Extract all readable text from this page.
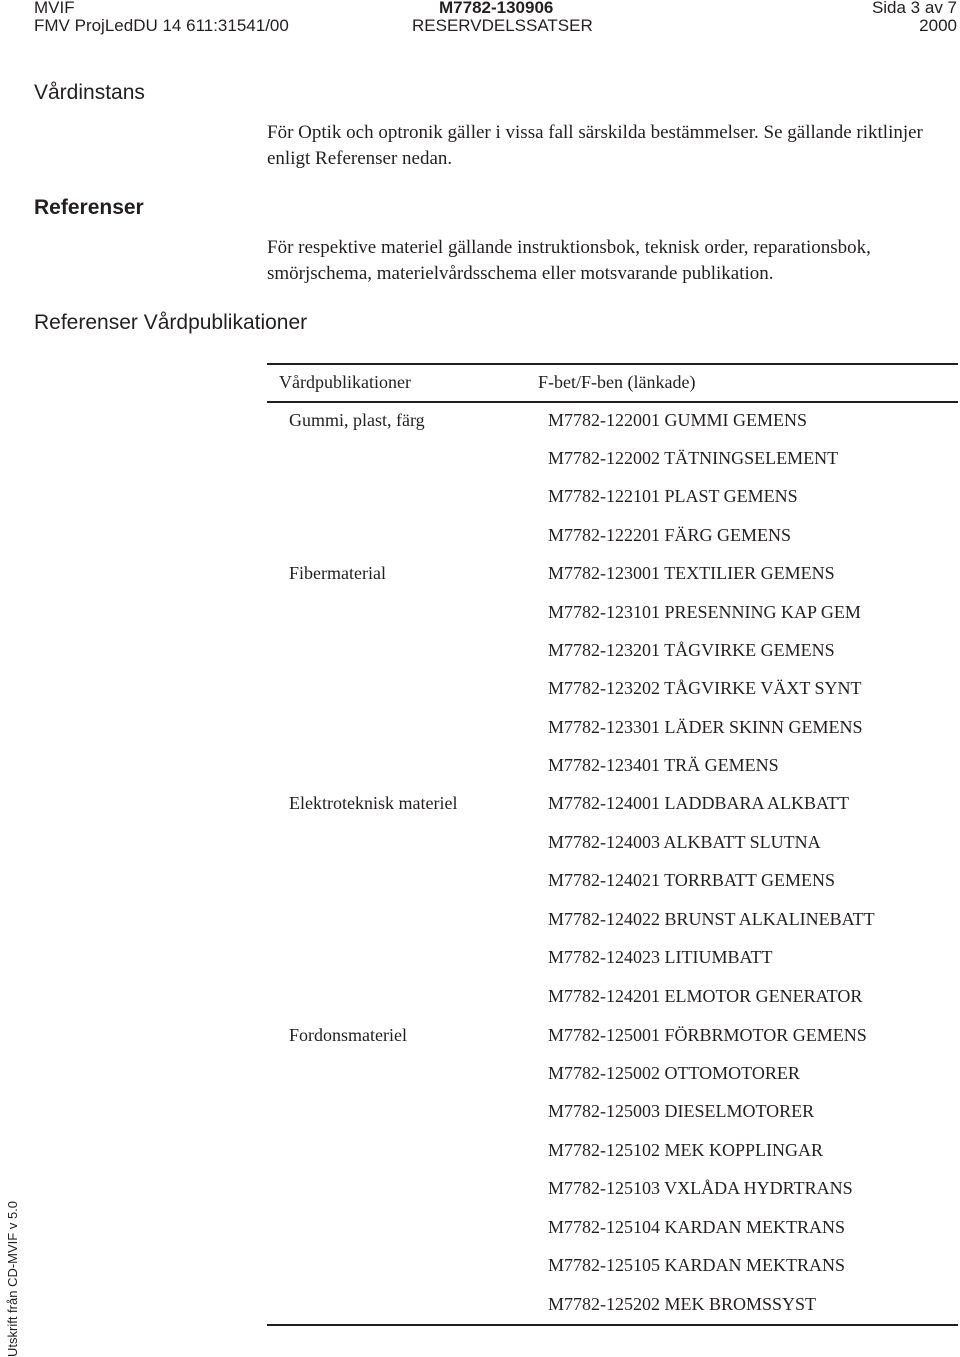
MVIF
FMV ProjLedDU 14 611:31541/00
M7782-130906
RESERVDELSSATSER
Sida 3 av 7
2000
Vårdinstans
För Optik och optronik gäller i vissa fall särskilda bestämmelser. Se gällande riktlinjer enligt Referenser nedan.
Referenser
För respektive materiel gällande instruktionsbok, teknisk order, reparationsbok, smörjschema, materielvårdsschema eller motsvarande publikation.
Referenser Vårdpublikationer
Vårdpublikationer	F-bet/F-ben (länkade)
Gummi, plast, färg
Fibermaterial
Elektroteknisk materiel
Fordonsmateriel
M7782-122001 GUMMI GEMENS
M7782-122002 TÄTNINGSELEMENT
M7782-122101 PLAST GEMENS
M7782-122201 FÄRG GEMENS
M7782-123001 TEXTILIER GEMENS
M7782-123101 PRESENNING KAP GEM
M7782-123201 TÅGVIRKE GEMENS
M7782-123202 TÅGVIRKE VÄXT SYNT
M7782-123301 LÄDER SKINN GEMENS
M7782-123401 TRÄ GEMENS
M7782-124001 LADDBARA ALKBATT
M7782-124003 ALKBATT SLUTNA
M7782-124021 TORRBATT GEMENS
M7782-124022 BRUNST ALKALINEBATT
M7782-124023 LITIUMBATT
M7782-124201 ELMOTOR GENERATOR
M7782-125001 FÖRBRMOTOR GEMENS
M7782-125002 OTTOMOTORER
M7782-125003 DIESELMOTORER
M7782-125102 MEK KOPPLINGAR
M7782-125103 VXLÅDA HYDRTRANS
M7782-125104 KARDAN MEKTRANS
M7782-125105 KARDAN MEKTRANS
M7782-125202 MEK BROMSSYST
Utskrift från CD-MVIF v 5.0
